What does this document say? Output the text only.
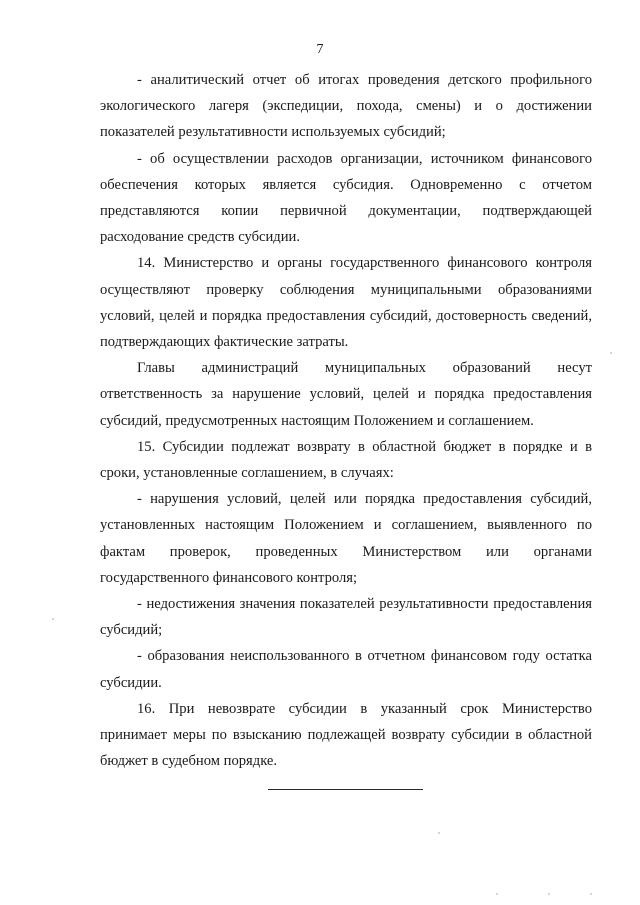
7

- аналитический отчет об итогах проведения детского профильного экологического лагеря (экспедиции, похода, смены) и о достижении показателей результативности используемых субсидий;

- об осуществлении расходов организации, источником финансового обеспечения которых является субсидия. Одновременно с отчетом представляются копии первичной документации, подтверждающей расходование средств субсидии.

14. Министерство и органы государственного финансового контроля осуществляют проверку соблюдения муниципальными образованиями условий, целей и порядка предоставления субсидий, достоверность сведений, подтверждающих фактические затраты.

Главы администраций муниципальных образований несут ответственность за нарушение условий, целей и порядка предоставления субсидий, предусмотренных настоящим Положением и соглашением.

15. Субсидии подлежат возврату в областной бюджет в порядке и в сроки, установленные соглашением, в случаях:

- нарушения условий, целей или порядка предоставления субсидий, установленных настоящим Положением и соглашением, выявленного по фактам проверок, проведенных Министерством или органами государственного финансового контроля;

- недостижения значения показателей результативности предоставления субсидий;

- образования неиспользованного в отчетном финансовом году остатка субсидии.

16. При невозврате субсидии в указанный срок Министерство принимает меры по взысканию подлежащей возврату субсидии в областной бюджет в судебном порядке.
